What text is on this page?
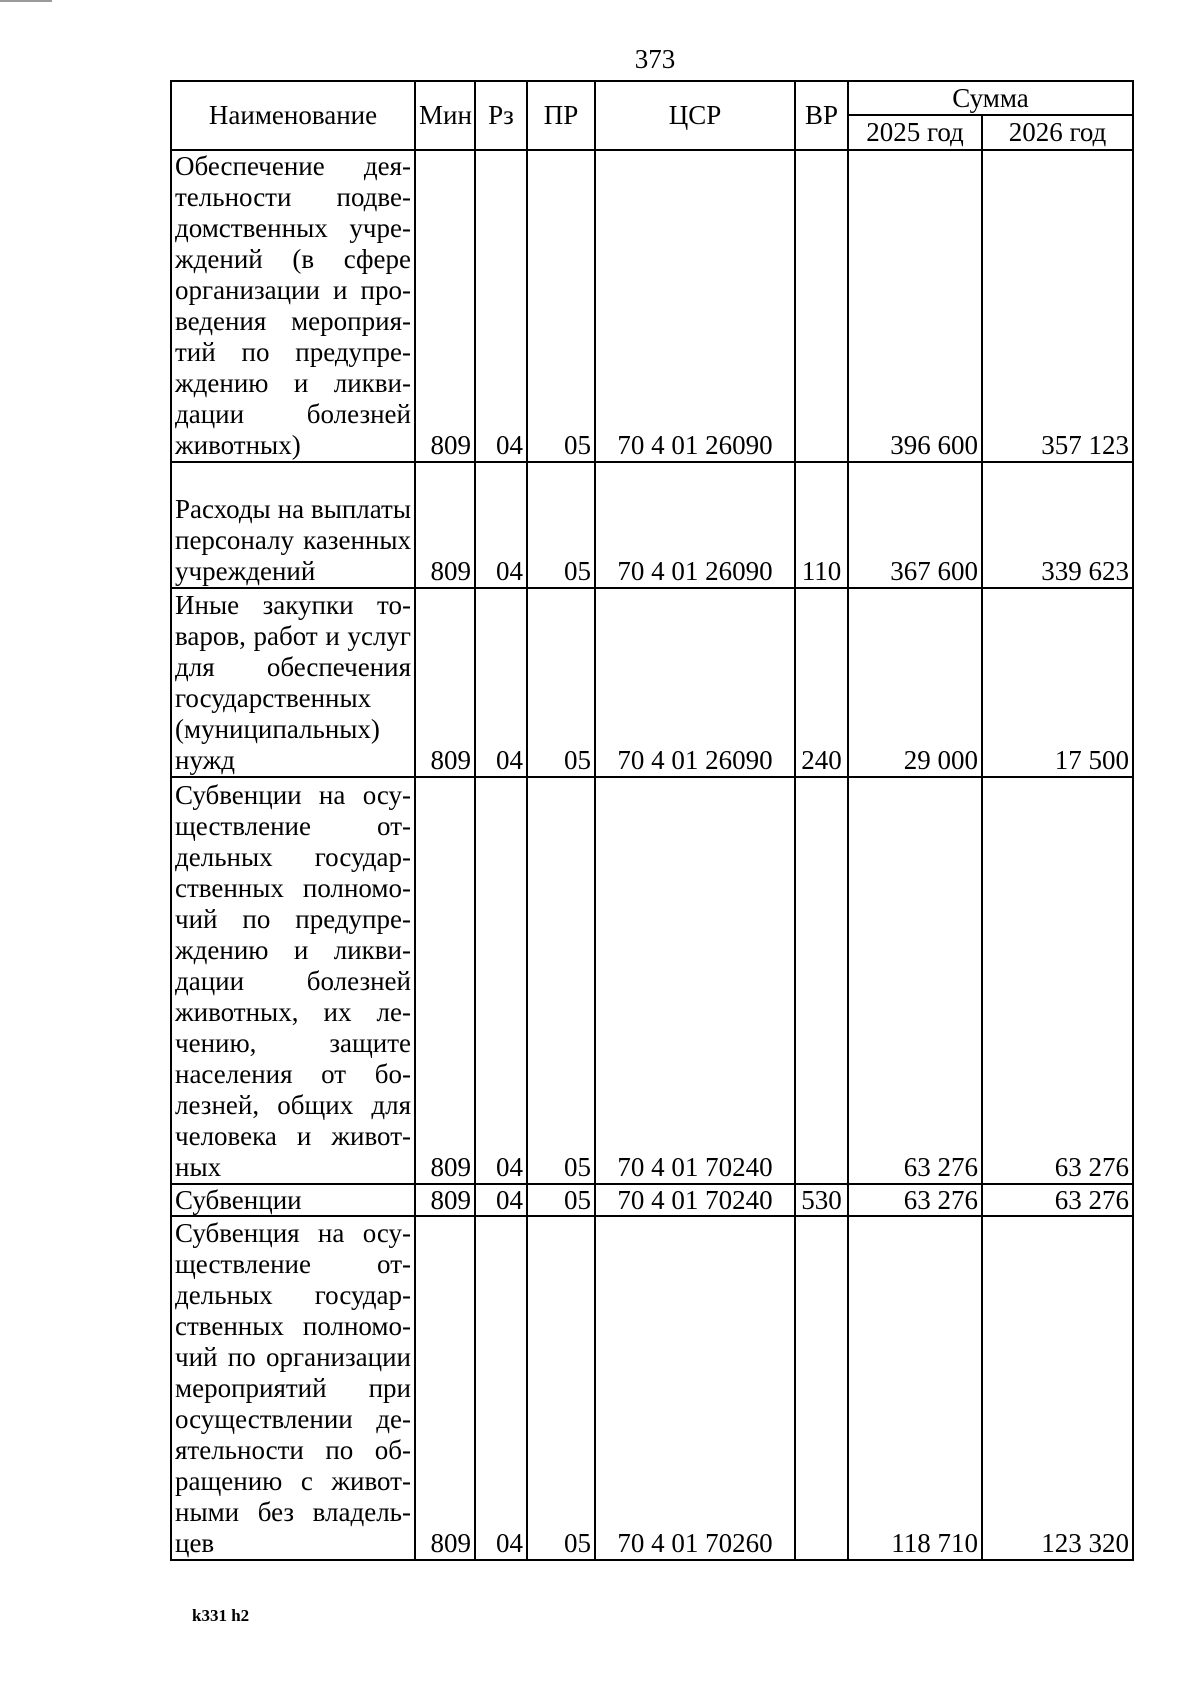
373
Наименование	Мин	Рз	ПР	ЦСР	ВР	Сумма	
						2025 год	2026 год
Обеспечение деятельности подведомственных учреждений (в сфере организации и проведения мероприятий по предупреждению и ликвидации болезней животных)	809	04	05	70 4 01 26090		396 600	357 123
Расходы на выплаты персоналу казенных учреждений	809	04	05	70 4 01 26090	110	367 600	339 623
Иные закупки товаров, работ и услуг для обеспечения государственных (муниципальных) нужд	809	04	05	70 4 01 26090	240	29 000	17 500
Субвенции на осуществление отдельных государственных полномочий по предупреждению и ликвидации болезней животных, их лечению, защите населения от болезней, общих для человека и животных	809	04	05	70 4 01 70240		63 276	63 276
Субвенции	809	04	05	70 4 01 70240	530	63 276	63 276
Субвенция на осуществление отдельных государственных полномочий по организации мероприятий при осуществлении деятельности по обращению с животными без владельцев	809	04	05	70 4 01 70260		118 710	123 320
k331 h2
